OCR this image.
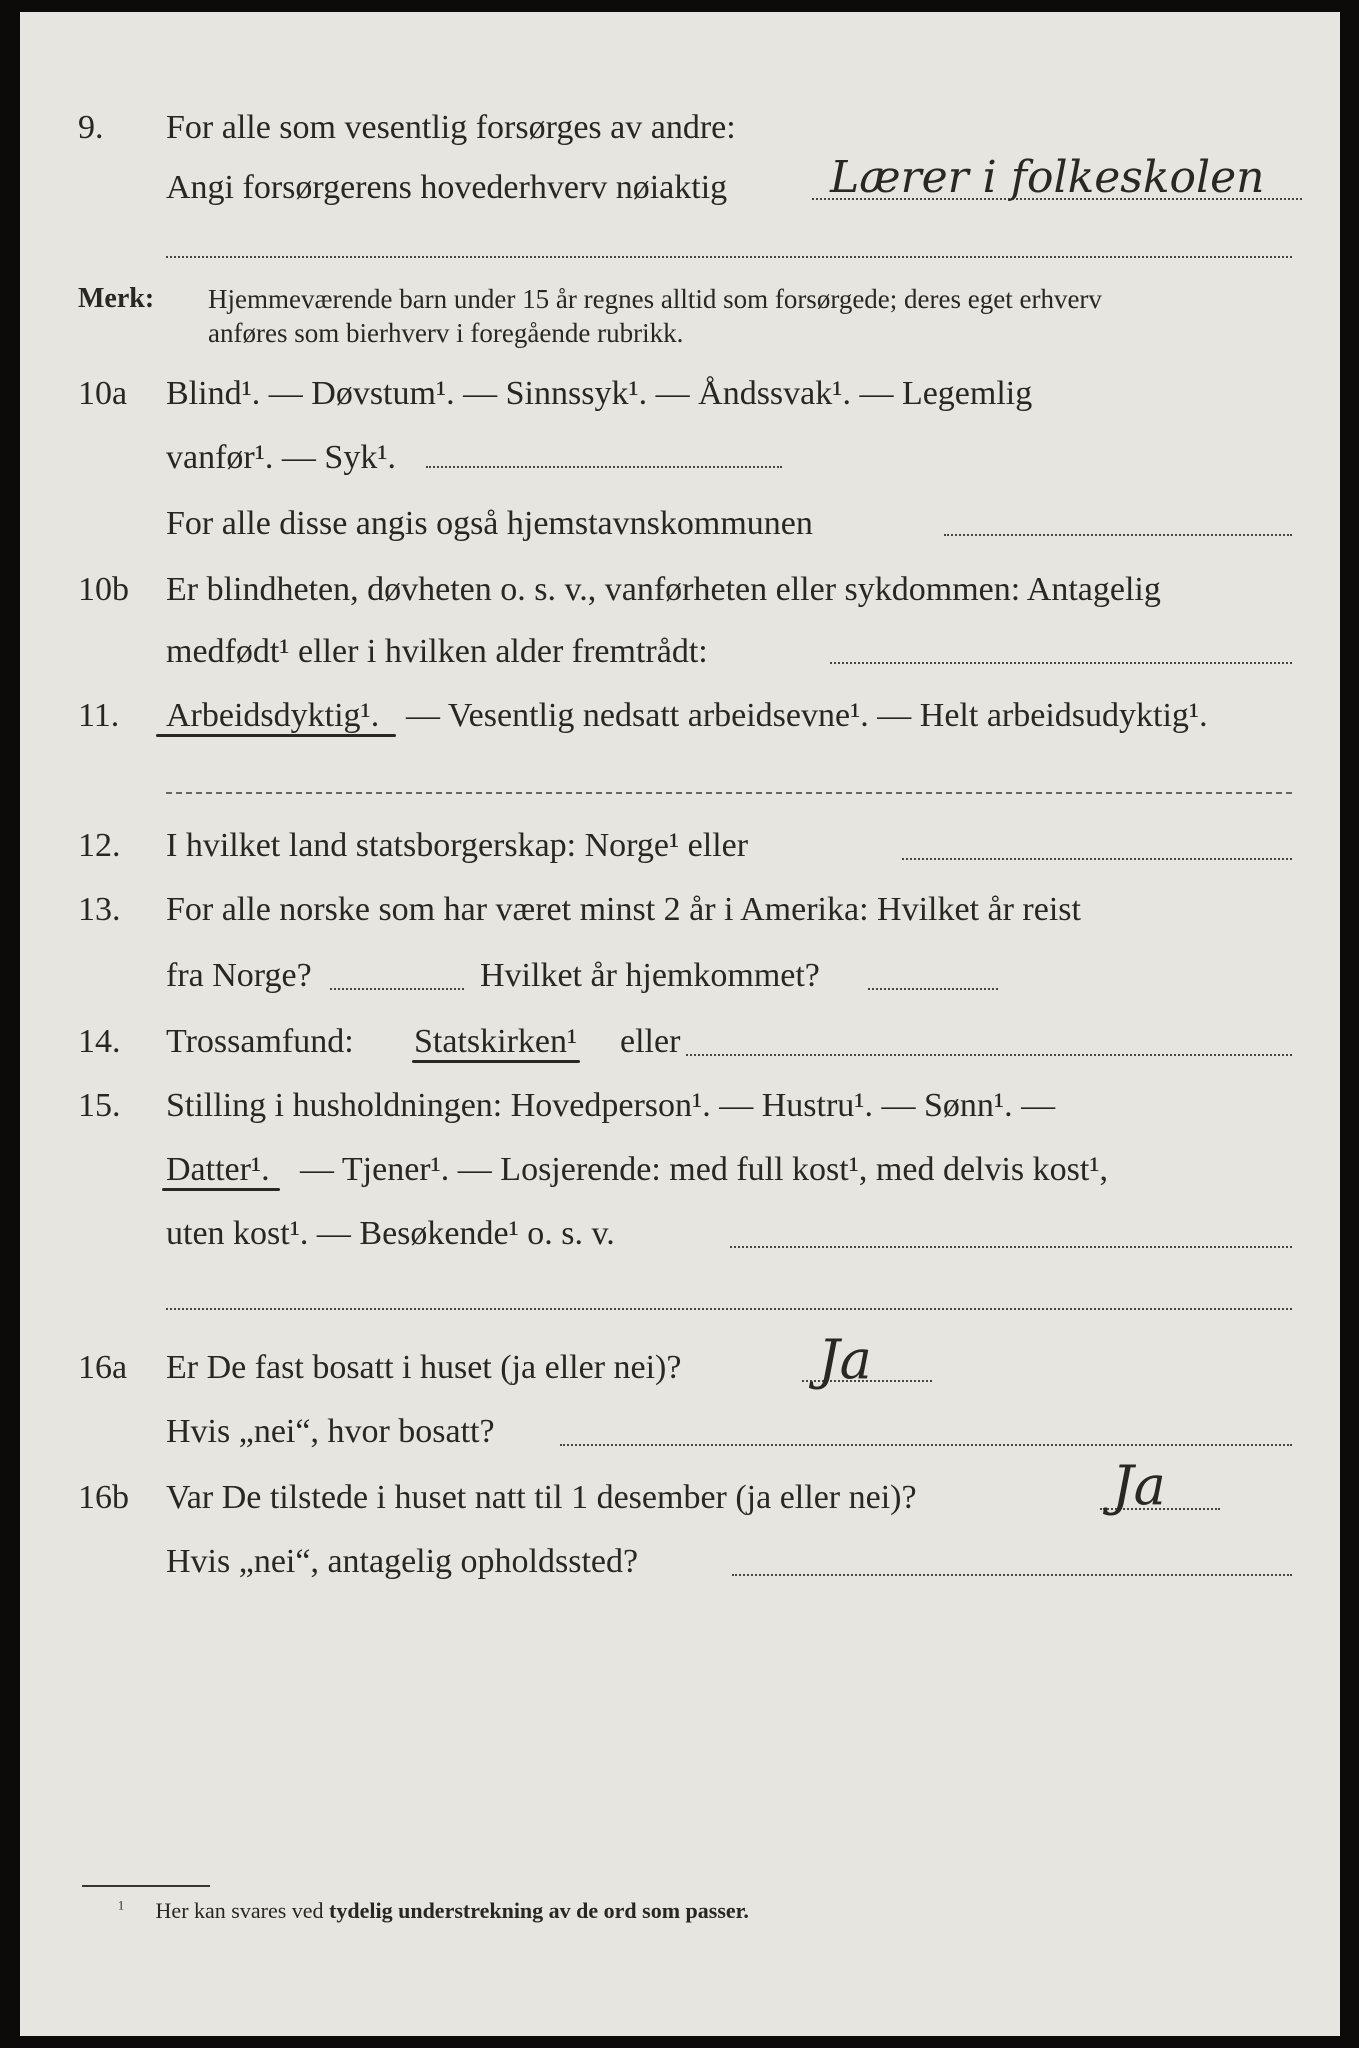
9. For alle som vesentlig forsørges av andre:
Angi forsørgerens hovederhverv nøiaktig Lærer i folkeskolen
Merk: Hjemmeværende barn under 15 år regnes alltid som forsørgede; deres eget erhverv
anføres som bierhverv i foregående rubrikk.
10a Blind¹. — Døvstum¹. — Sinnssyk¹. — Åndssvak¹. — Legemlig
vanfør¹. — Syk¹.
For alle disse angis også hjemstavnskommunen
10b Er blindheten, døvheten o. s. v., vanførheten eller sykdommen: Antagelig
medfødt¹ eller i hvilken alder fremtrådt:
11. Arbeidsdyktig¹. — Vesentlig nedsatt arbeidsevne¹. — Helt arbeidsudyktig¹.
12. I hvilket land statsborgerskap: Norge¹ eller
13. For alle norske som har været minst 2 år i Amerika: Hvilket år reist
fra Norge?	Hvilket år hjemkommet?
14. Trossamfund: Statskirken¹ eller
15. Stilling i husholdningen: Hovedperson¹. — Hustru¹. — Sønn¹. —
Datter¹. — Tjener¹. — Losjerende: med full kost¹, med delvis kost¹,
uten kost¹. — Besøkende¹ o. s. v.
16a Er De fast bosatt i huset (ja eller nei)?	Ja
Hvis „nei“, hvor bosatt?
16b Var De tilstede i huset natt til 1 desember (ja eller nei)?	Ja
Hvis „nei“, antagelig opholdssted?
$^1$ Her kan svares ved tydelig understrekning av de ord som passer.
